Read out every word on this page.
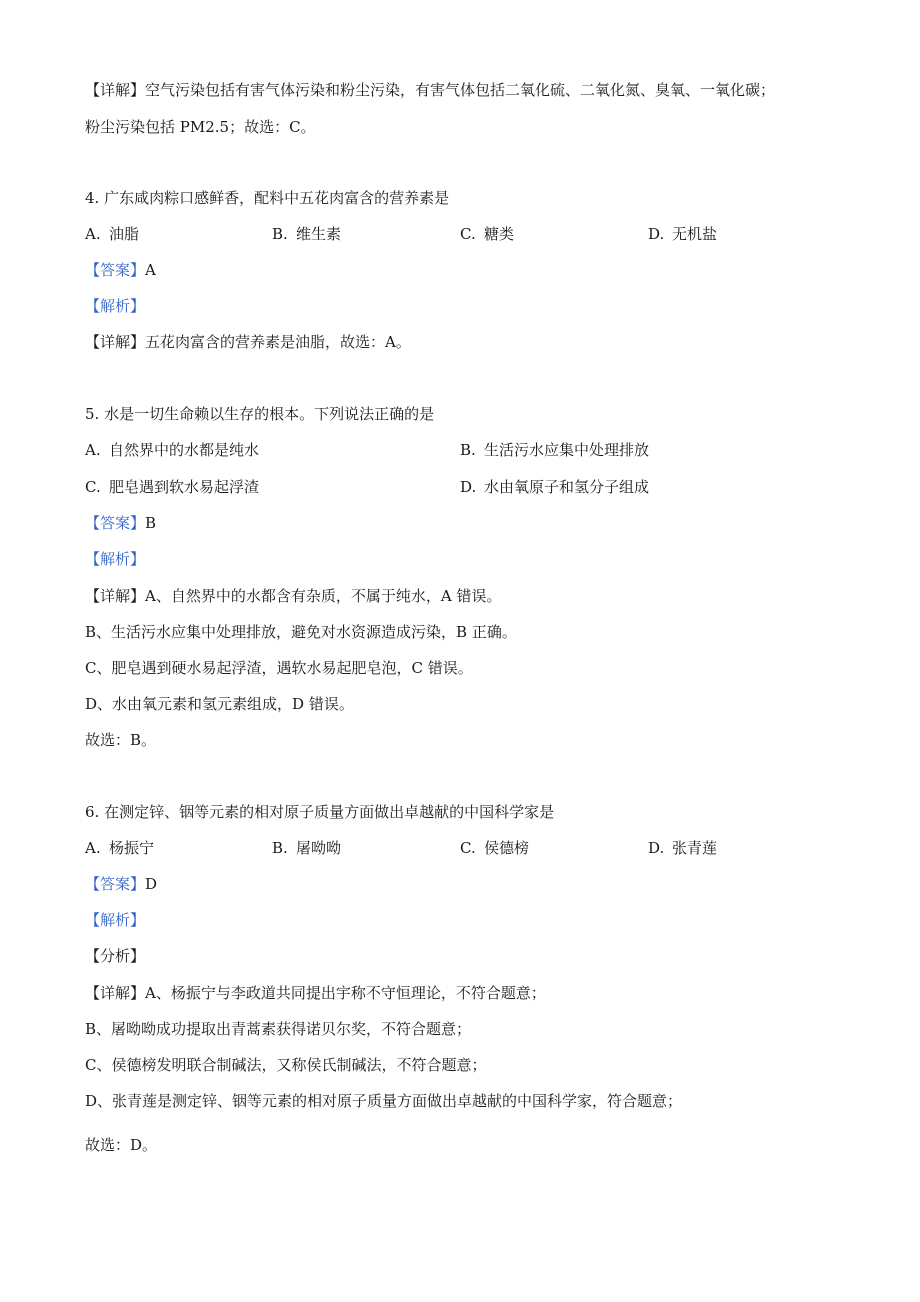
【详解】空气污染包括有害气体污染和粉尘污染，有害气体包括二氧化硫、二氧化氮、臭氧、一氧化碳；
粉尘污染包括 PM2.5；故选：C。
4. 广东咸肉粽口感鲜香，配料中五花肉富含的营养素是
A. 油脂	B. 维生素	C. 糖类	D. 无机盐
【答案】A
【解析】
【详解】五花肉富含的营养素是油脂，故选：A。
5. 水是一切生命赖以生存的根本。下列说法正确的是
A. 自然界中的水都是纯水	B. 生活污水应集中处理排放
C. 肥皂遇到软水易起浮渣	D. 水由氧原子和氢分子组成
【答案】B
【解析】
【详解】A、自然界中的水都含有杂质，不属于纯水，A 错误。
B、生活污水应集中处理排放，避免对水资源造成污染，B 正确。
C、肥皂遇到硬水易起浮渣，遇软水易起肥皂泡，C 错误。
D、水由氧元素和氢元素组成，D 错误。
故选：B。
6. 在测定锌、铟等元素的相对原子质量方面做出卓越献的中国科学家是
A. 杨振宁	B. 屠呦呦	C. 侯德榜	D. 张青莲
【答案】D
【解析】
【分析】
【详解】A、杨振宁与李政道共同提出宇称不守恒理论，不符合题意；
B、屠呦呦成功提取出青蒿素获得诺贝尔奖，不符合题意；
C、侯德榜发明联合制碱法，又称侯氏制碱法，不符合题意；
D、张青莲是测定锌、铟等元素的相对原子质量方面做出卓越献的中国科学家，符合题意；
故选：D。
